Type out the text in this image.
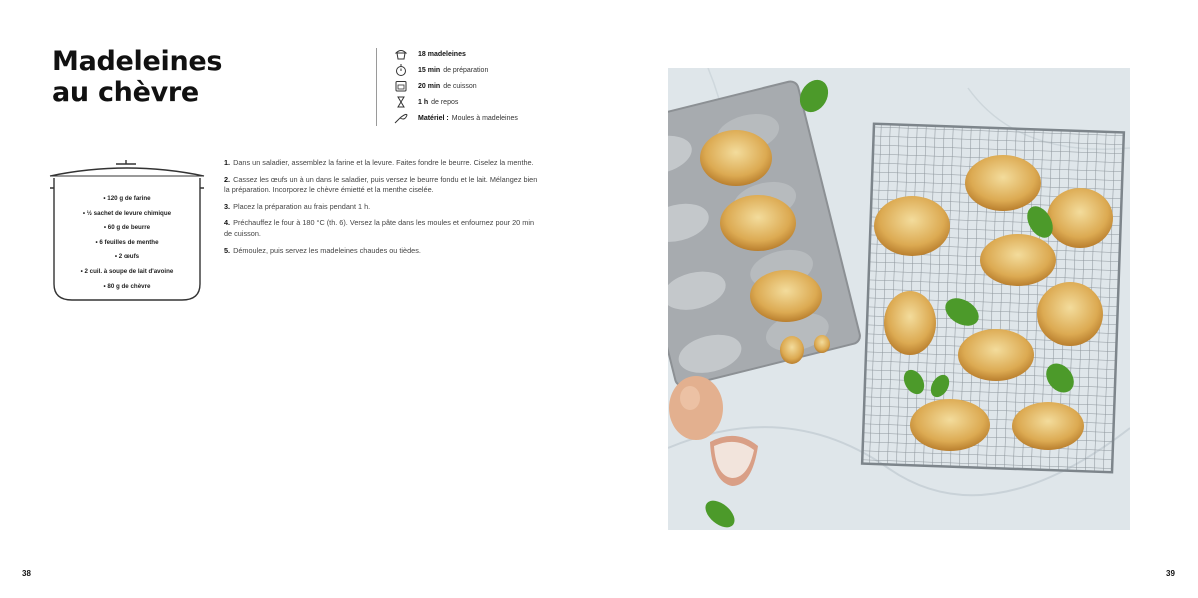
Madeleines
au chèvre
18 madeleines
15 min de préparation
20 min de cuisson
1 h de repos
Matériel : Moules à madeleines
• 120 g de farine
• ½ sachet de levure chimique
• 60 g de beurre
• 6 feuilles de menthe
• 2 œufs
• 2 cuil. à soupe de lait d'avoine
• 80 g de chèvre

1. Dans un saladier, assemblez la farine et la levure. Faites fondre le beurre. Ciselez la menthe.

2. Cassez les œufs un à un dans le saladier, puis versez le beurre fondu et le lait. Mélangez bien la préparation. Incorporez le chèvre émietté et la menthe ciselée.

3. Placez la préparation au frais pendant 1 h.

4. Préchauffez le four à 180 °C (th. 6). Versez la pâte dans les moules et enfournez pour 20 min de cuisson.

5. Démoulez, puis servez les madeleines chaudes ou tièdes.

38	39
